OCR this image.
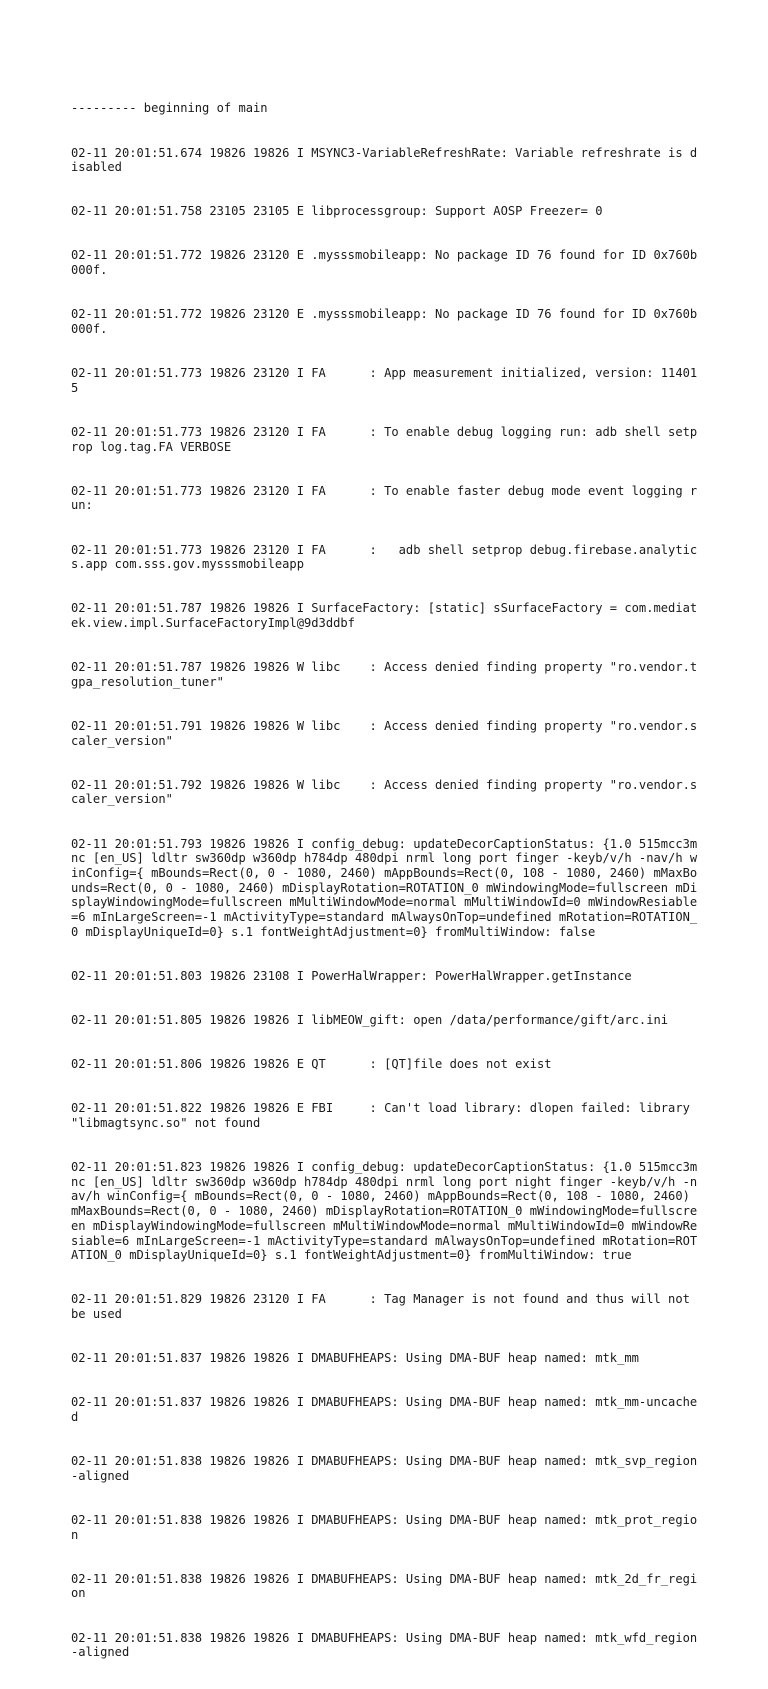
--------- beginning of main

02-11 20:01:51.674 19826 19826 I MSYNC3-VariableRefreshRate: Variable refreshrate is disabled

02-11 20:01:51.758 23105 23105 E libprocessgroup: Support AOSP Freezer= 0

02-11 20:01:51.772 19826 23120 E .mysssmobileapp: No package ID 76 found for ID 0x760b000f.

02-11 20:01:51.772 19826 23120 E .mysssmobileapp: No package ID 76 found for ID 0x760b000f.

02-11 20:01:51.773 19826 23120 I FA      : App measurement initialized, version: 114015

02-11 20:01:51.773 19826 23120 I FA      : To enable debug logging run: adb shell setprop log.tag.FA VERBOSE

02-11 20:01:51.773 19826 23120 I FA      : To enable faster debug mode event logging run:

02-11 20:01:51.773 19826 23120 I FA      :   adb shell setprop debug.firebase.analytics.app com.sss.gov.mysssmobileapp

02-11 20:01:51.787 19826 19826 I SurfaceFactory: [static] sSurfaceFactory = com.mediatek.view.impl.SurfaceFactoryImpl@9d3ddbf

02-11 20:01:51.787 19826 19826 W libc    : Access denied finding property "ro.vendor.tgpa_resolution_tuner"

02-11 20:01:51.791 19826 19826 W libc    : Access denied finding property "ro.vendor.scaler_version"

02-11 20:01:51.792 19826 19826 W libc    : Access denied finding property "ro.vendor.scaler_version"

02-11 20:01:51.793 19826 19826 I config_debug: updateDecorCaptionStatus: {1.0 515mcc3mnc [en_US] ldltr sw360dp w360dp h784dp 480dpi nrml long port finger -keyb/v/h -nav/h winConfig={ mBounds=Rect(0, 0 - 1080, 2460) mAppBounds=Rect(0, 108 - 1080, 2460) mMaxBounds=Rect(0, 0 - 1080, 2460) mDisplayRotation=ROTATION_0 mWindowingMode=fullscreen mDisplayWindowingMode=fullscreen mMultiWindowMode=normal mMultiWindowId=0 mWindowResiable=6 mInLargeScreen=-1 mActivityType=standard mAlwaysOnTop=undefined mRotation=ROTATION_0 mDisplayUniqueId=0} s.1 fontWeightAdjustment=0} fromMultiWindow: false

02-11 20:01:51.803 19826 23108 I PowerHalWrapper: PowerHalWrapper.getInstance

02-11 20:01:51.805 19826 19826 I libMEOW_gift: open /data/performance/gift/arc.ini

02-11 20:01:51.806 19826 19826 E QT      : [QT]file does not exist

02-11 20:01:51.822 19826 19826 E FBI     : Can't load library: dlopen failed: library "libmagtsync.so" not found

02-11 20:01:51.823 19826 19826 I config_debug: updateDecorCaptionStatus: {1.0 515mcc3mnc [en_US] ldltr sw360dp w360dp h784dp 480dpi nrml long port night finger -keyb/v/h -nav/h winConfig={ mBounds=Rect(0, 0 - 1080, 2460) mAppBounds=Rect(0, 108 - 1080, 2460) mMaxBounds=Rect(0, 0 - 1080, 2460) mDisplayRotation=ROTATION_0 mWindowingMode=fullscreen mDisplayWindowingMode=fullscreen mMultiWindowMode=normal mMultiWindowId=0 mWindowResiable=6 mInLargeScreen=-1 mActivityType=standard mAlwaysOnTop=undefined mRotation=ROTATION_0 mDisplayUniqueId=0} s.1 fontWeightAdjustment=0} fromMultiWindow: true

02-11 20:01:51.829 19826 23120 I FA      : Tag Manager is not found and thus will not be used

02-11 20:01:51.837 19826 19826 I DMABUFHEAPS: Using DMA-BUF heap named: mtk_mm

02-11 20:01:51.837 19826 19826 I DMABUFHEAPS: Using DMA-BUF heap named: mtk_mm-uncached

02-11 20:01:51.838 19826 19826 I DMABUFHEAPS: Using DMA-BUF heap named: mtk_svp_region-aligned

02-11 20:01:51.838 19826 19826 I DMABUFHEAPS: Using DMA-BUF heap named: mtk_prot_region

02-11 20:01:51.838 19826 19826 I DMABUFHEAPS: Using DMA-BUF heap named: mtk_2d_fr_region

02-11 20:01:51.838 19826 19826 I DMABUFHEAPS: Using DMA-BUF heap named: mtk_wfd_region-aligned
